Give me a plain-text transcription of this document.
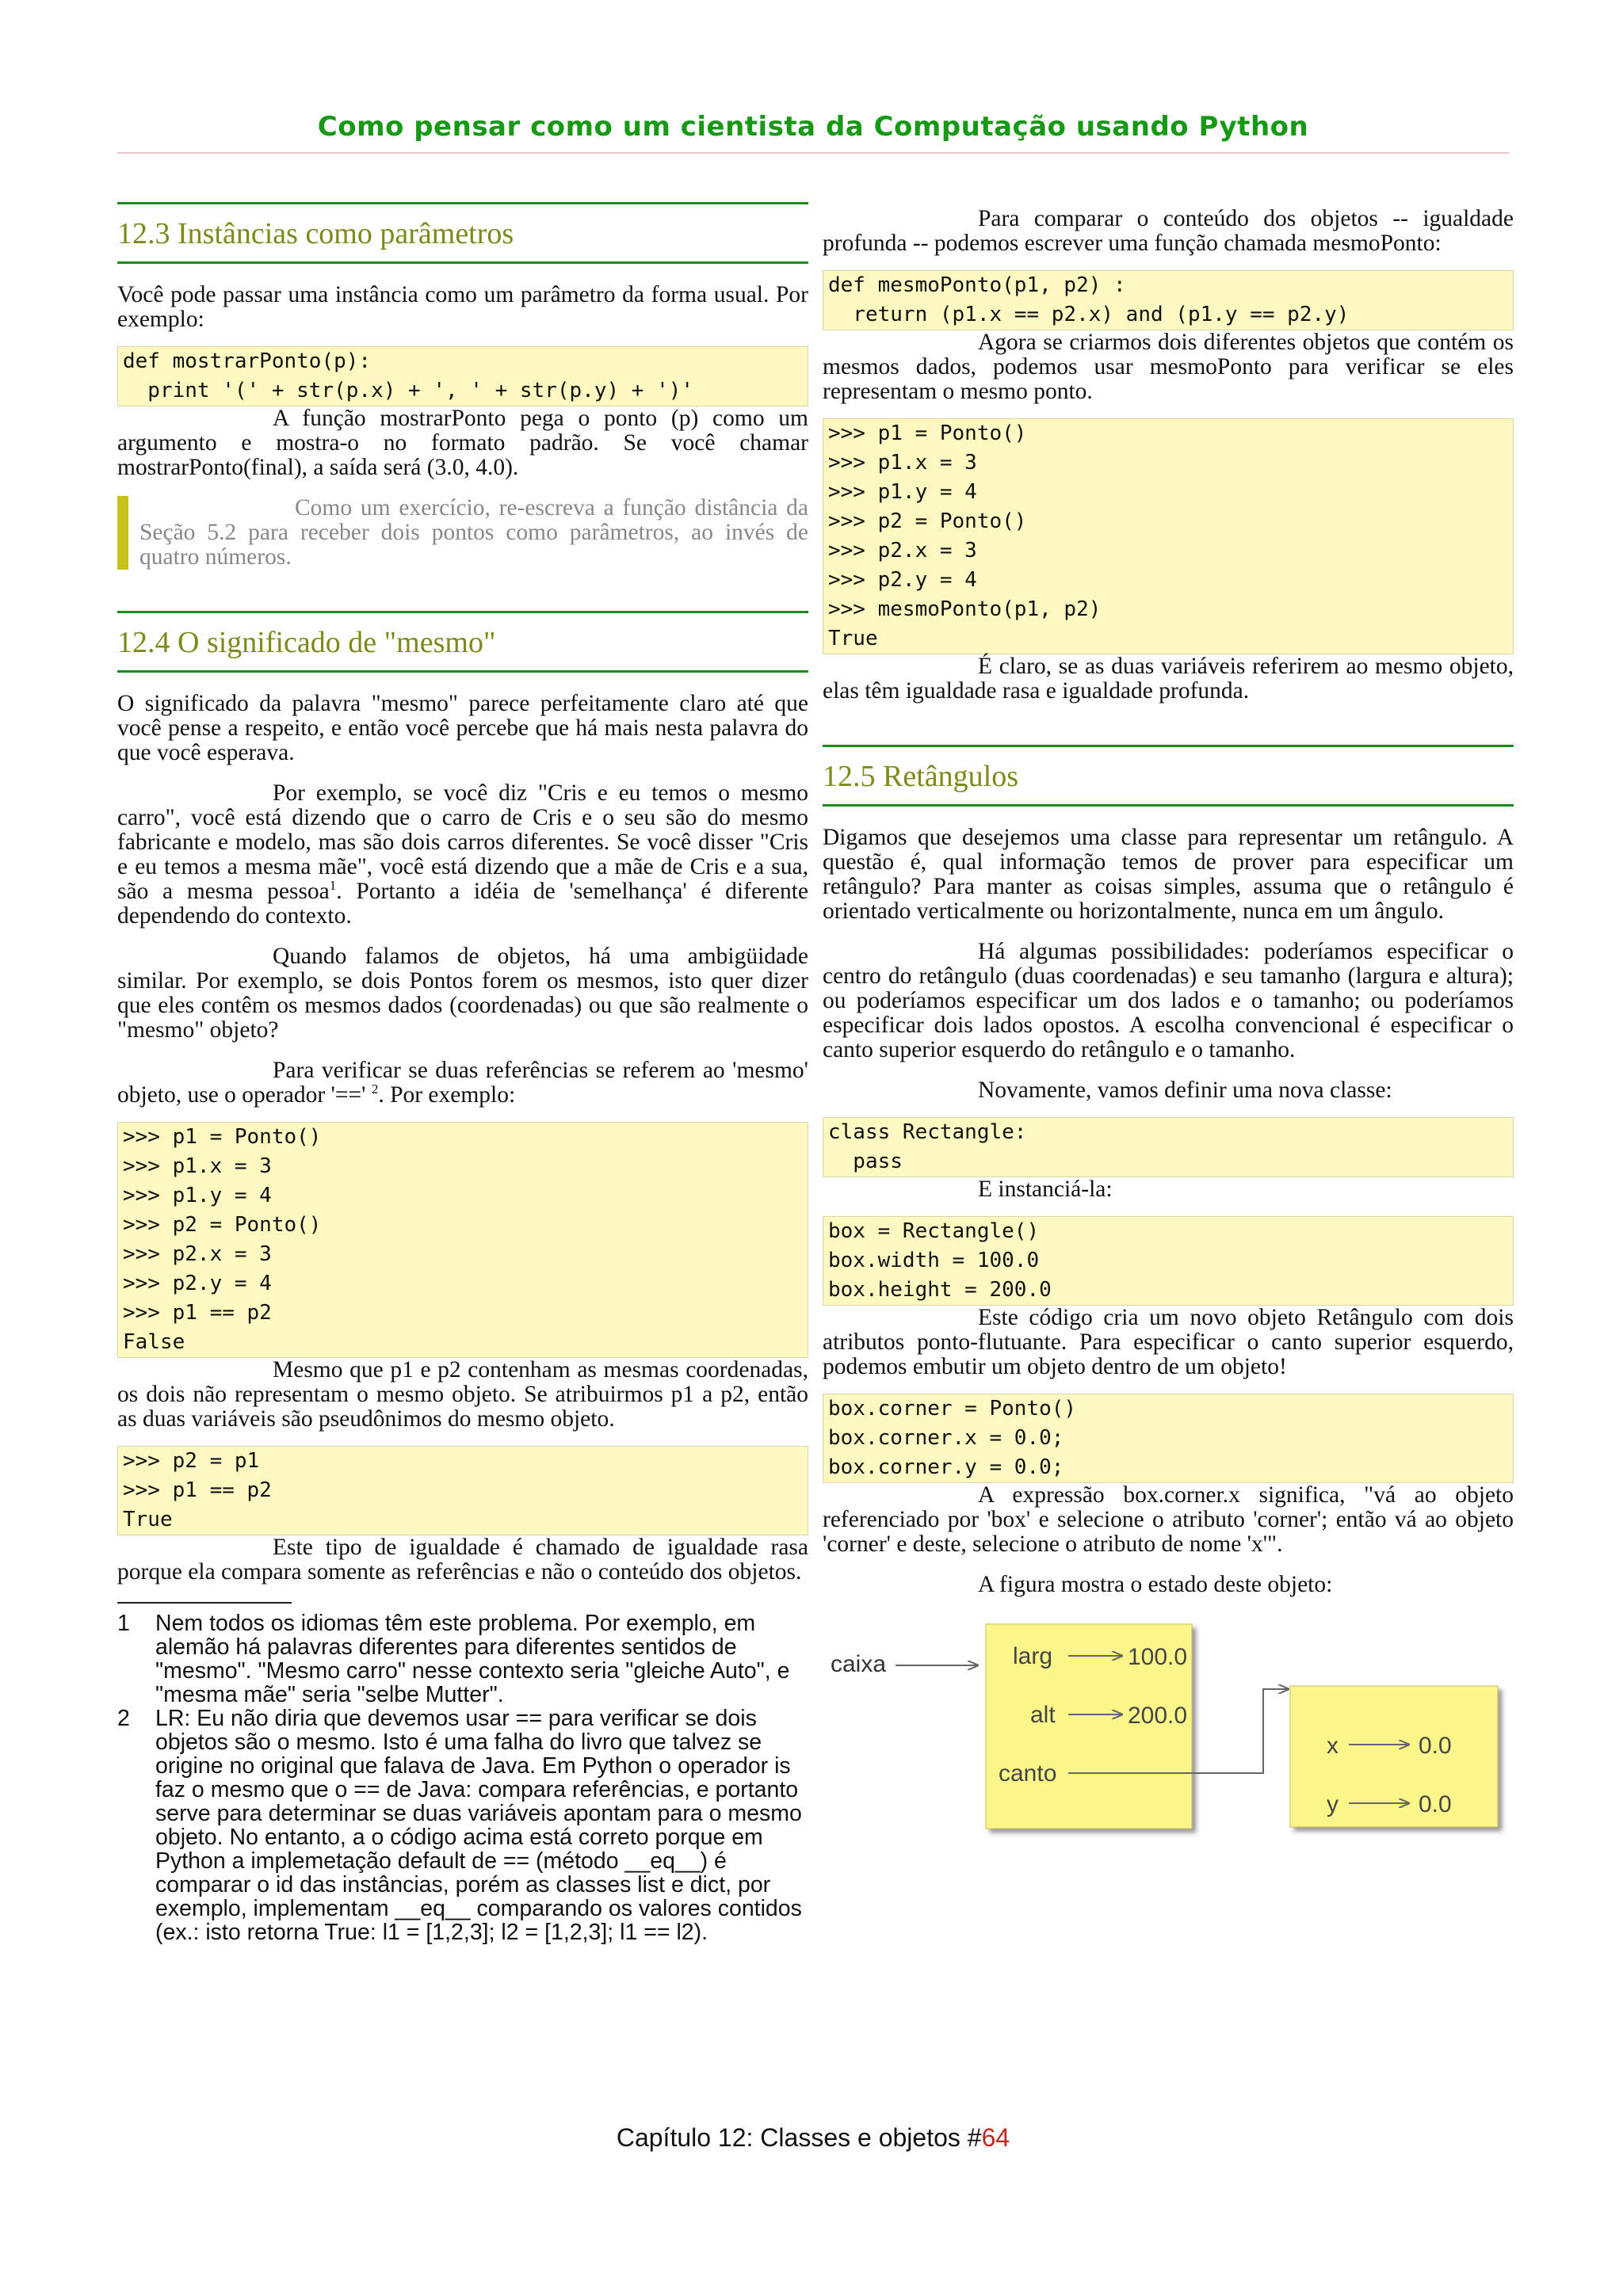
Como pensar como um cientista da Computação usando Python
12.3 Instâncias como parâmetros

Você pode passar uma instância como um parâmetro da forma usual. Por exemplo:

def mostrarPonto(p):
print '(' + str(p.x) + ', ' + str(p.y) + ')'

A função mostrarPonto pega o ponto (p) como um argumento e mostra-o no formato padrão. Se você chamar mostrarPonto(final), a saída será (3.0, 4.0).

Como um exercício, re-escreva a função distância da Seção 5.2 para receber dois pontos como parâmetros, ao invés de quatro números.

12.4 O significado de "mesmo"

O significado da palavra "mesmo" parece perfeitamente claro até que você pense a respeito, e então você percebe que há mais nesta palavra do que você esperava.

Por exemplo, se você diz "Cris e eu temos o mesmo carro", você está dizendo que o carro de Cris e o seu são do mesmo fabricante e modelo, mas são dois carros diferentes. Se você disser "Cris e eu temos a mesma mãe", você está dizendo que a mãe de Cris e a sua, são a mesma pessoa$^1$. Portanto a idéia de 'semelhança' é diferente dependendo do contexto.

Quando falamos de objetos, há uma ambigüidade similar. Por exemplo, se dois Pontos forem os mesmos, isto quer dizer que eles contêm os mesmos dados (coordenadas) ou que são realmente o "mesmo" objeto?

Para verificar se duas referências se referem ao 'mesmo' objeto, use o operador '==' $^2$. Por exemplo:

>>> p1 = Ponto()
>>> p1.x = 3
>>> p1.y = 4
>>> p2 = Ponto()
>>> p2.x = 3
>>> p2.y = 4
>>> p1 == p2
False

Mesmo que p1 e p2 contenham as mesmas coordenadas, os dois não representam o mesmo objeto. Se atribuirmos p1 a p2, então as duas variáveis são pseudônimos do mesmo objeto.

>>> p2 = p1
>>> p1 == p2
True

Este tipo de igualdade é chamado de igualdade rasa porque ela compara somente as referências e não o conteúdo dos objetos.

1	Nem todos os idiomas têm este problema. Por exemplo, em alemão há palavras diferentes para diferentes sentidos de "mesmo". "Mesmo carro" nesse contexto seria "gleiche Auto", e "mesma mãe" seria "selbe Mutter".
2	LR: Eu não diria que devemos usar == para verificar se dois objetos são o mesmo. Isto é uma falha do livro que talvez se origine no original que falava de Java. Em Python o operador is faz o mesmo que o == de Java: compara referências, e portanto serve para determinar se duas variáveis apontam para o mesmo objeto. No entanto, a o código acima está correto porque em Python a implemetação default de == (método __eq__) é comparar o id das instâncias, porém as classes list e dict, por exemplo, implementam __eq__ comparando os valores contidos (ex.: isto retorna True: l1 = [1,2,3]; l2 = [1,2,3]; l1 == l2).

Para comparar o conteúdo dos objetos -- igualdade profunda -- podemos escrever uma função chamada mesmoPonto:

def mesmoPonto(p1, p2) :
return (p1.x == p2.x) and (p1.y == p2.y)

Agora se criarmos dois diferentes objetos que contém os mesmos dados, podemos usar mesmoPonto para verificar se eles representam o mesmo ponto.

>>> p1 = Ponto()
>>> p1.x = 3
>>> p1.y = 4
>>> p2 = Ponto()
>>> p2.x = 3
>>> p2.y = 4
>>> mesmoPonto(p1, p2)
True

É claro, se as duas variáveis referirem ao mesmo objeto, elas têm igualdade rasa e igualdade profunda.

12.5 Retângulos

Digamos que desejemos uma classe para representar um retângulo. A questão é, qual informação temos de prover para especificar um retângulo? Para manter as coisas simples, assuma que o retângulo é orientado verticalmente ou horizontalmente, nunca em um ângulo.

Há algumas possibilidades: poderíamos especificar o centro do retângulo (duas coordenadas) e seu tamanho (largura e altura); ou poderíamos especificar um dos lados e o tamanho; ou poderíamos especificar dois lados opostos. A escolha convencional é especificar o canto superior esquerdo do retângulo e o tamanho.

Novamente, vamos definir uma nova classe:

class Rectangle:
pass

E instanciá-la:

box = Rectangle()
box.width = 100.0
box.height = 200.0

Este código cria um novo objeto Retângulo com dois atributos ponto-flutuante. Para especificar o canto superior esquerdo, podemos embutir um objeto dentro de um objeto!

box.corner = Ponto()
box.corner.x = 0.0;
box.corner.y = 0.0;

A expressão box.corner.x significa, "vá ao objeto referenciado por 'box' e selecione o atributo 'corner'; então vá ao objeto 'corner' e deste, selecione o atributo de nome 'x'".

A figura mostra o estado deste objeto:

caixa	larg	100.0
alt	200.0
canto
x	0.0
y	0.0
Capítulo 12: Classes e objetos #64
